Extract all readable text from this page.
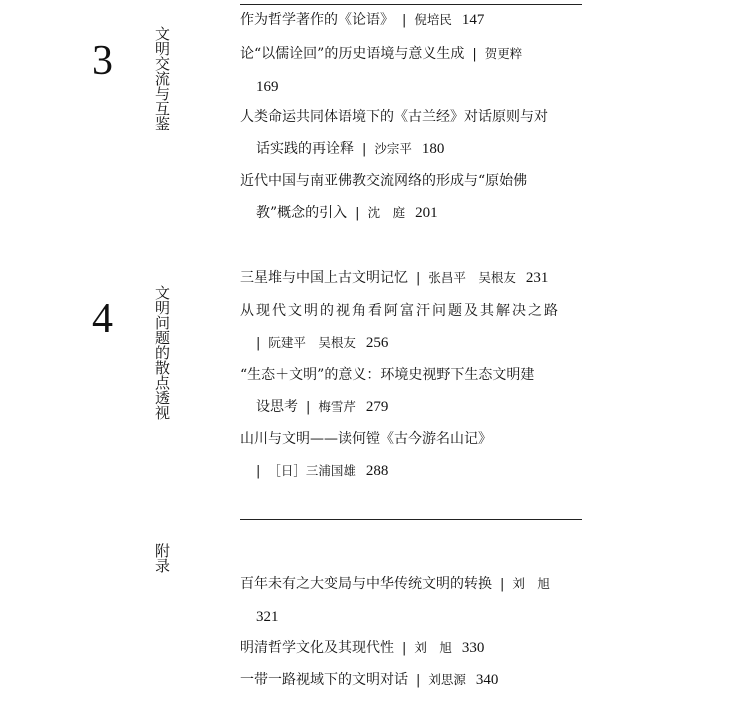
3	文明交流与互鉴
作为哲学著作的《论语》 | 倪培民 147
论“以儒诠回”的历史语境与意义生成 | 贺更粹
169
人类命运共同体语境下的《古兰经》对话原则与对
话实践的再诠释 | 沙宗平 180
近代中国与南亚佛教交流网络的形成与“原始佛
教”概念的引入 | 沈　庭 201
4	文明问题的散点透视
三星堆与中国上古文明记忆 | 张昌平　吴根友 231
从现代文明的视角看阿富汗问题及其解决之路
| 阮建平　吴根友 256
“生态＋文明”的意义：环境史视野下生态文明建
设思考 | 梅雪芹 279
山川与文明——读何镗《古今游名山记》
| ［日］三浦国雄 288
附录
百年未有之大变局与中华传统文明的转换 | 刘　旭
321
明清哲学文化及其现代性 | 刘　旭 330
一带一路视域下的文明对话 | 刘思源 340
